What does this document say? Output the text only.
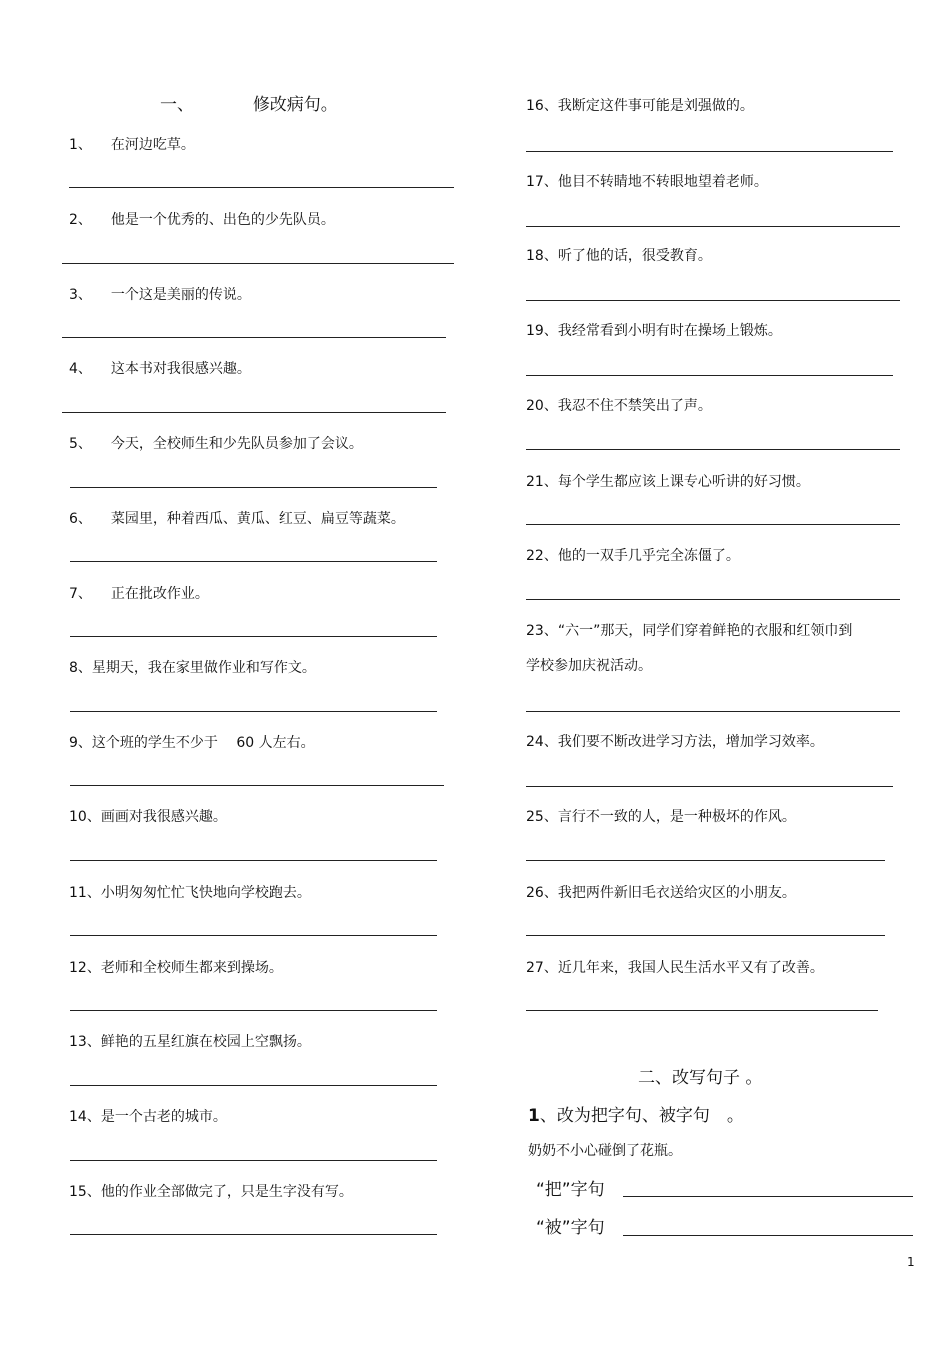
一、	修改病句。
1、 在河边吃草。
2、 他是一个优秀的、出色的少先队员。
3、 一个这是美丽的传说。
4、 这本书对我很感兴趣。
5、 今天，全校师生和少先队员参加了会议。
6、 菜园里，种着西瓜、黄瓜、红豆、扁豆等蔬菜。
7、 正在批改作业。
8、星期天，我在家里做作业和写作文。
9、这个班的学生不少于　 60 人左右。
10、画画对我很感兴趣。
11、小明匆匆忙忙飞快地向学校跑去。
12、老师和全校师生都来到操场。
13、鲜艳的五星红旗在校园上空飘扬。
14、是一个古老的城市。
15、他的作业全部做完了，只是生字没有写。
16、我断定这件事可能是刘强做的。
17、他目不转睛地不转眼地望着老师。
18、听了他的话，很受教育。
19、我经常看到小明有时在操场上锻炼。
20、我忍不住不禁笑出了声。
21、每个学生都应该上课专心听讲的好习惯。
22、他的一双手几乎完全冻僵了。
23、“六一”那天，同学们穿着鲜艳的衣服和红领巾到
学校参加庆祝活动。
24、我们要不断改进学习方法，增加学习效率。
25、言行不一致的人，是一种极坏的作风。
26、我把两件新旧毛衣送给灾区的小朋友。
27、近几年来，我国人民生活水平又有了改善。
二、改写句子 。
1、改为把字句、被字句　。
奶奶不小心碰倒了花瓶。
“把”字句
“被”字句
1
